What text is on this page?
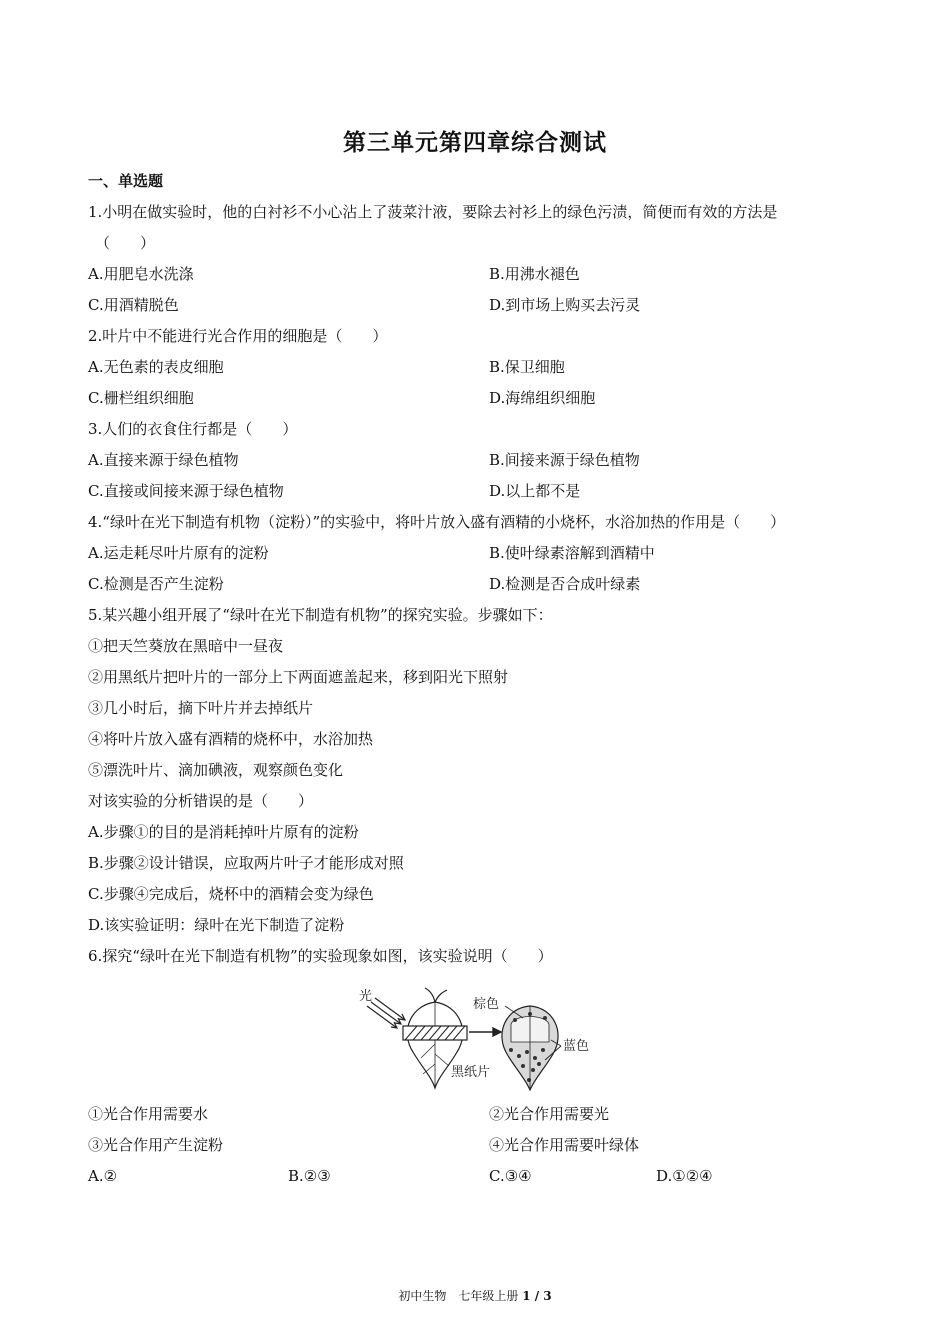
第三单元第四章综合测试
一、单选题
1.小明在做实验时，他的白衬衫不小心沾上了菠菜汁液，要除去衬衫上的绿色污渍，简便而有效的方法是
（　　）
A.用肥皂水洗涤	B.用沸水褪色
C.用酒精脱色	D.到市场上购买去污灵
2.叶片中不能进行光合作用的细胞是（　　）
A.无色素的表皮细胞	B.保卫细胞
C.栅栏组织细胞	D.海绵组织细胞
3.人们的衣食住行都是（　　）
A.直接来源于绿色植物	B.间接来源于绿色植物
C.直接或间接来源于绿色植物	D.以上都不是
4.“绿叶在光下制造有机物（淀粉）”的实验中，将叶片放入盛有酒精的小烧杯，水浴加热的作用是（　　）
A.运走耗尽叶片原有的淀粉	B.使叶绿素溶解到酒精中
C.检测是否产生淀粉	D.检测是否合成叶绿素
5.某兴趣小组开展了“绿叶在光下制造有机物”的探究实验。步骤如下：
①把天竺葵放在黑暗中一昼夜
②用黑纸片把叶片的一部分上下两面遮盖起来，移到阳光下照射
③几小时后，摘下叶片并去掉纸片
④将叶片放入盛有酒精的烧杯中，水浴加热
⑤漂洗叶片、滴加碘液，观察颜色变化
对该实验的分析错误的是（　　）
A.步骤①的目的是消耗掉叶片原有的淀粉
B.步骤②设计错误，应取两片叶子才能形成对照
C.步骤④完成后，烧杯中的酒精会变为绿色
D.该实验证明：绿叶在光下制造了淀粉
6.探究“绿叶在光下制造有机物”的实验现象如图，该实验说明（　　）
光
棕色
蓝色
黑纸片
①光合作用需要水	②光合作用需要光
③光合作用产生淀粉	④光合作用需要叶绿体
A.②	B.②③	C.③④	D.①②④
初中生物　七年级上册 1 / 3
